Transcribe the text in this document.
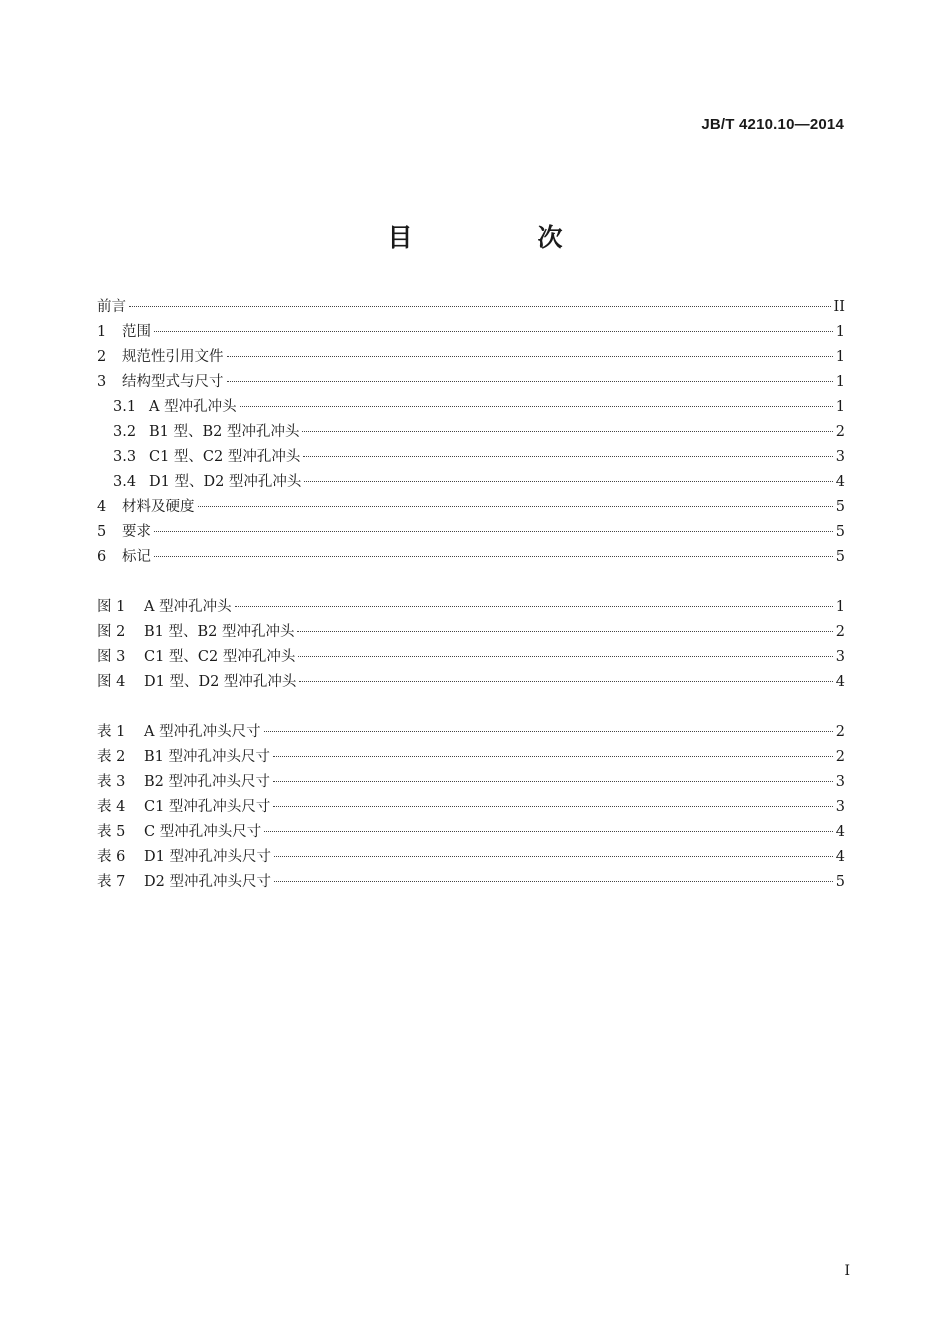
JB/T 4210.10—2014
目　次
前言	II
1	范围	1
2	规范性引用文件	1
3	结构型式与尺寸	1
3.1 A 型冲孔冲头	1
3.2 B1 型、B2 型冲孔冲头	2
3.3 C1 型、C2 型冲孔冲头	3
3.4 D1 型、D2 型冲孔冲头	4
4	材料及硬度	5
5	要求	5
6	标记	5
图 1	A 型冲孔冲头	1
图 2	B1 型、B2 型冲孔冲头	2
图 3	C1 型、C2 型冲孔冲头	3
图 4	D1 型、D2 型冲孔冲头	4
表 1	A 型冲孔冲头尺寸	2
表 2	B1 型冲孔冲头尺寸	2
表 3	B2 型冲孔冲头尺寸	3
表 4	C1 型冲孔冲头尺寸	3
表 5	C 型冲孔冲头尺寸	4
表 6	D1 型冲孔冲头尺寸	4
表 7	D2 型冲孔冲头尺寸	5
I
